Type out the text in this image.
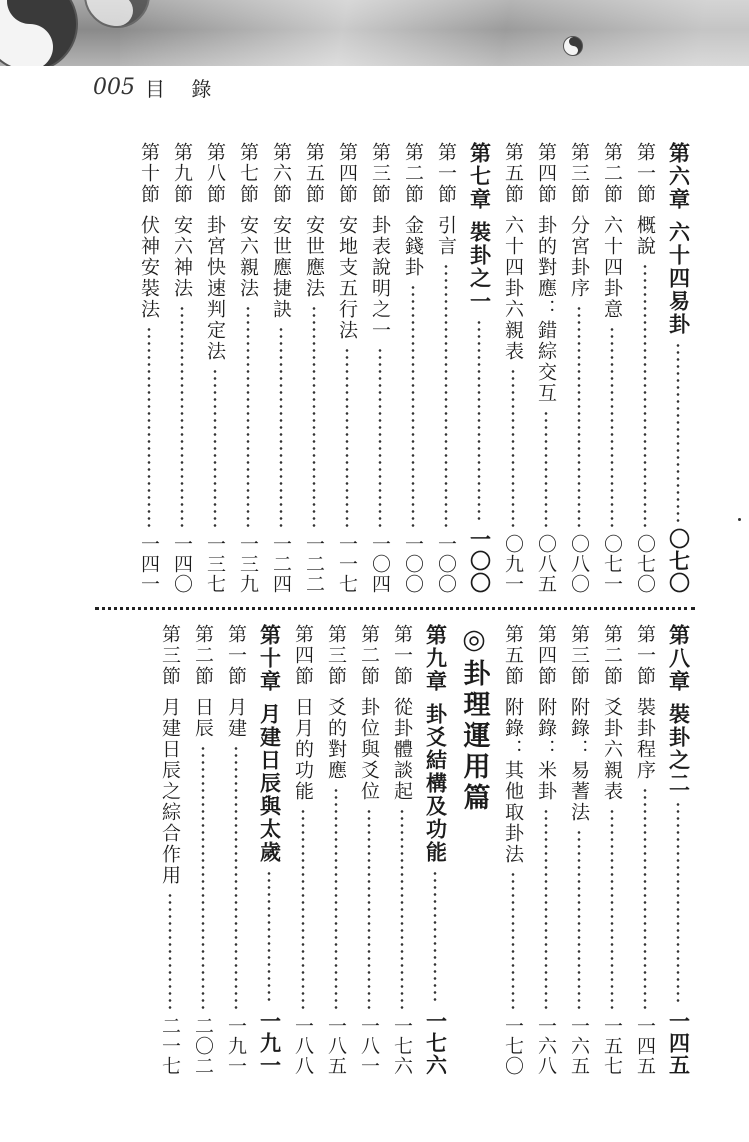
005 目 錄
第六章
六十四易卦
〇七〇
第一節
概說
〇七〇
第二節
六十四卦意
〇七一
第三節
分宮卦序
〇八〇
第四節
卦的對應：錯綜交互
〇八五
第五節
六十四卦六親表
〇九一
第七章
裝卦之一
一〇〇
第一節
引言
一〇〇
第二節
金錢卦
一〇〇
第三節
卦表說明之一
一〇四
第四節
安地支五行法
一一七
第五節
安世應法
一二二
第六節
安世應捷訣
一二四
第七節
安六親法
一三九
第八節
卦宮快速判定法
一三七
第九節
安六神法
一四〇
第十節
伏神安裝法
一四一
第八章
裝卦之二
一四五
第一節
裝卦程序
一四五
第二節
爻卦六親表
一五七
第三節
附錄：易蓍法
一六五
第四節
附錄：米卦
一六八
第五節
附錄：其他取卦法
一七〇
◎卦理運用篇
第九章
卦爻結構及功能
一七六
第一節
從卦體談起
一七六
第二節
卦位與爻位
一八一
第三節
爻的對應
一八五
第四節
日月的功能
一八八
第十章
月建日辰與太歲
一九一
第一節
月建
一九一
第二節
日辰
二〇二
第三節
月建日辰之綜合作用
二一七
